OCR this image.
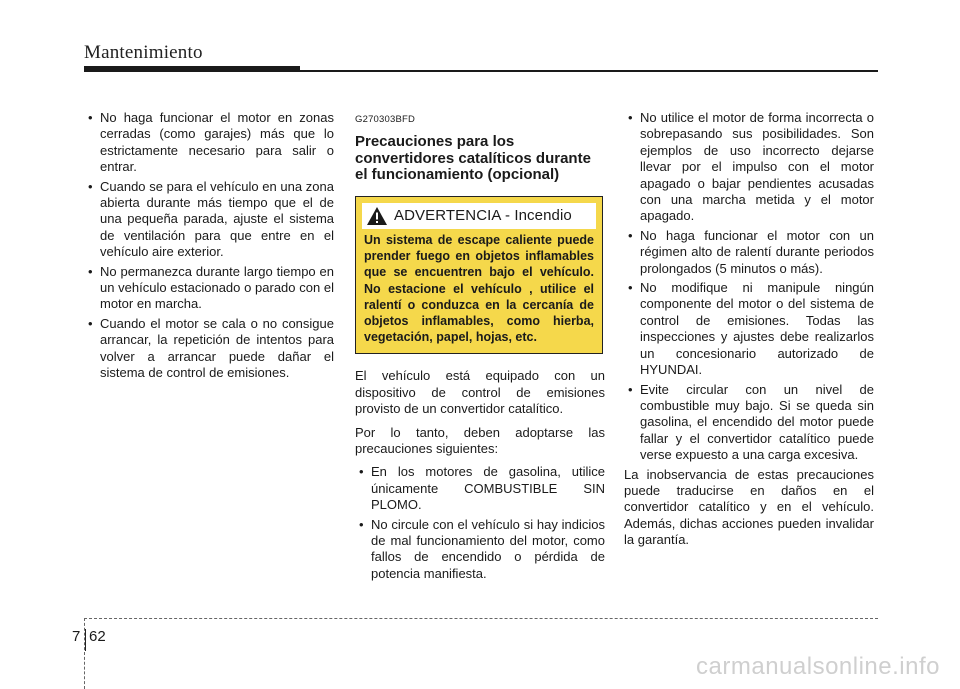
Mantenimiento
• No haga funcionar el motor en zonas cerradas (como garajes) más que lo estrictamente necesario para salir o entrar.
• Cuando se para el vehículo en una zona abierta durante más tiempo que el de una pequeña parada, ajuste el sistema de ventilación para que entre en el vehículo aire exterior.
• No permanezca durante largo tiempo en un vehículo estacionado o parado con el motor en marcha.
• Cuando el motor se cala o no consigue arrancar, la repetición de intentos para volver a arrancar puede dañar el sistema de control de emisiones.
G270303BFD
Precauciones para los convertidores catalíticos durante el funcionamiento (opcional)
ADVERTENCIA - Incendio
Un sistema de escape caliente puede prender fuego en objetos inflamables que se encuentren bajo el vehículo. No estacione el vehículo , utilice el ralentí o conduzca en la cercanía de objetos inflamables, como hierba, vegetación, papel, hojas, etc.

El vehículo está equipado con un dispositivo de control de emisiones provisto de un convertidor catalítico.

Por lo tanto, deben adoptarse las precauciones siguientes:

• En los motores de gasolina, utilice únicamente COMBUSTIBLE SIN PLOMO.
• No circule con el vehículo si hay indicios de mal funcionamiento del motor, como fallos de encendido o pérdida de potencia manifiesta.
• No utilice el motor de forma incorrecta o sobrepasando sus posibilidades. Son ejemplos de uso incorrecto dejarse llevar por el impulso con el motor apagado o bajar pendientes acusadas con una marcha metida y el motor apagado.
• No haga funcionar el motor con un régimen alto de ralentí durante periodos prolongados (5 minutos o más).
• No modifique ni manipule ningún componente del motor o del sistema de control de emisiones. Todas las inspecciones y ajustes debe realizarlos un concesionario autorizado de HYUNDAI.
• Evite circular con un nivel de combustible muy bajo. Si se queda sin gasolina, el encendido del motor puede fallar y el convertidor catalítico puede verse expuesto a una carga excesiva.

La inobservancia de estas precauciones puede traducirse en daños en el convertidor catalítico y en el vehículo. Además, dichas acciones pueden invalidar la garantía.

7 62
carmanualsonline.info
